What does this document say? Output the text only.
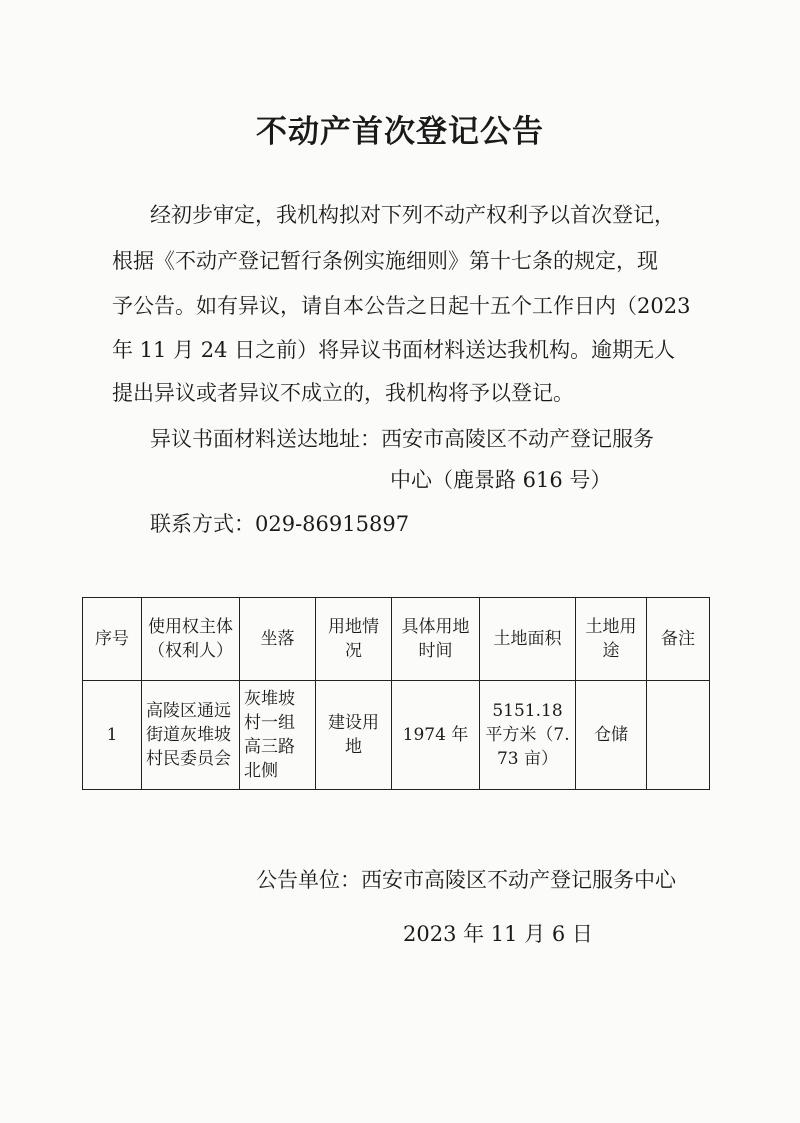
不动产首次登记公告
经初步审定，我机构拟对下列不动产权利予以首次登记，
根据《不动产登记暂行条例实施细则》第十七条的规定，现
予公告。如有异议，请自本公告之日起十五个工作日内（2023
年 11 月 24 日之前）将异议书面材料送达我机构。逾期无人
提出异议或者异议不成立的，我机构将予以登记。
异议书面材料送达地址：西安市高陵区不动产登记服务
中心（鹿景路 616 号）
联系方式：029-86915897
序号	使用权主体（权利人）	坐落	用地情况	具体用地时间	土地面积	土地用途	备注
1	高陵区通远街道灰堆坡村民委员会	灰堆坡村一组高三路北侧	建设用地	1974 年	5151.18 平方米（7.73 亩）	仓储	
公告单位：西安市高陵区不动产登记服务中心
2023 年 11 月 6 日
